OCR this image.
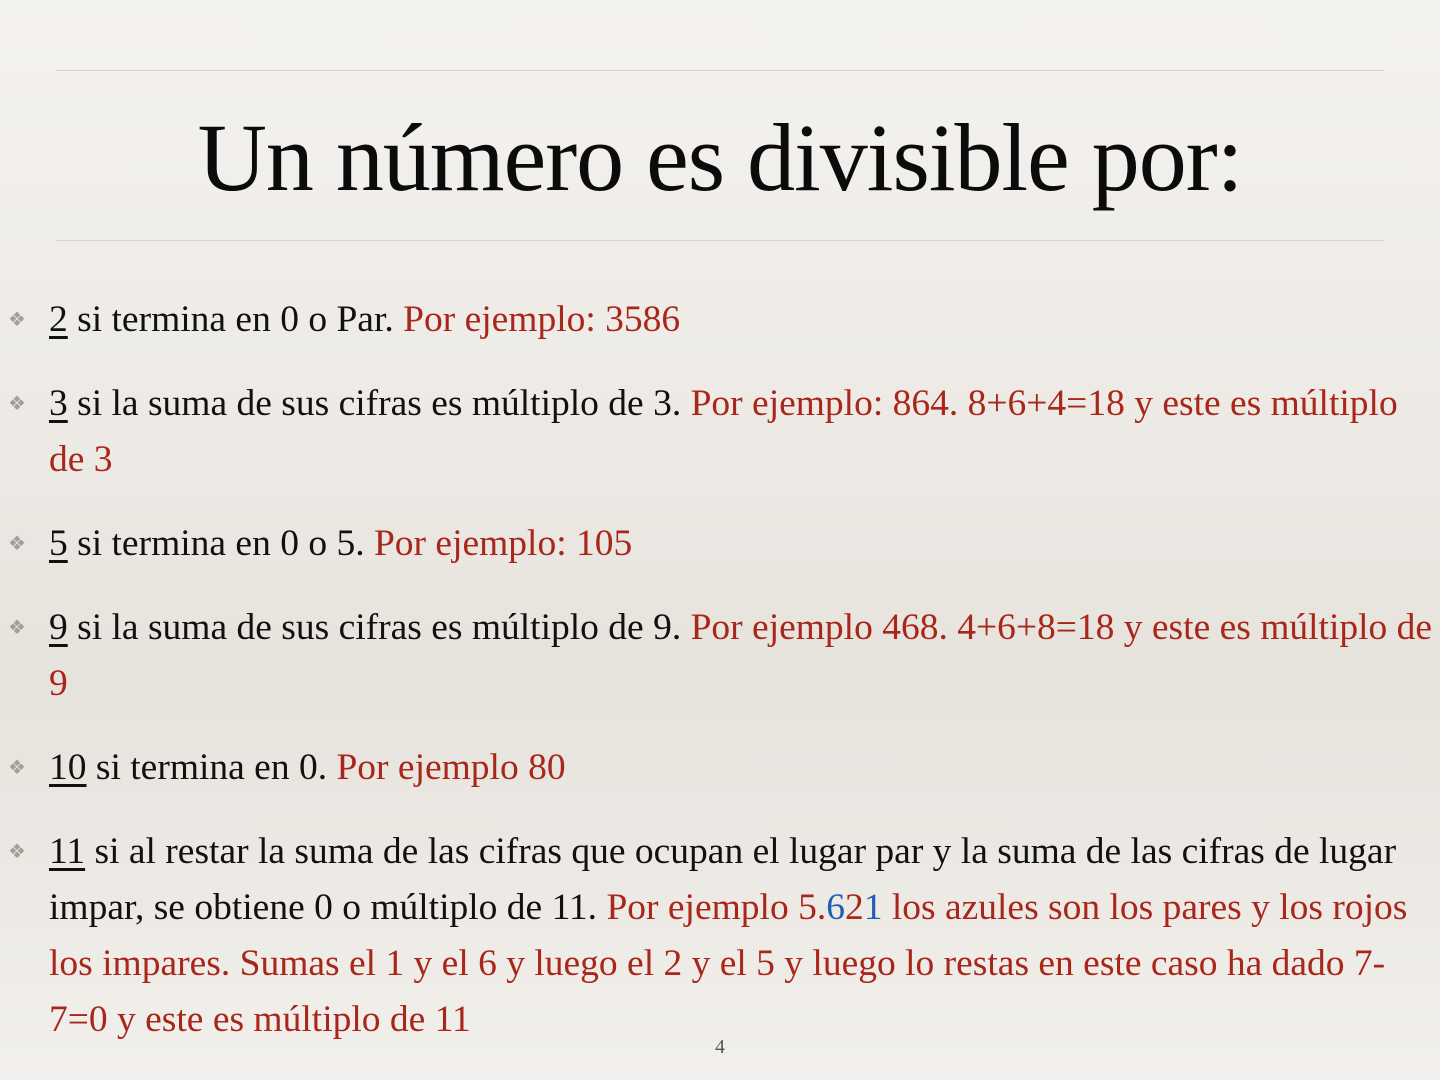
Un número es divisible por:
❖ 2 si termina en 0 o Par. Por ejemplo: 3586
❖ 3 si la suma de sus cifras es múltiplo de 3. Por ejemplo: 864. 8+6+4=18 y este es múltiplo de 3
❖ 5 si termina en 0 o 5. Por ejemplo: 105
❖ 9 si la suma de sus cifras es múltiplo de 9. Por ejemplo 468. 4+6+8=18 y este es múltiplo de 9
❖ 10 si termina en 0. Por ejemplo 80
❖ 11 si al restar la suma de las cifras que ocupan el lugar par y la suma de las cifras de lugar impar, se obtiene 0 o múltiplo de 11. Por ejemplo 5.621 los azules son los pares y los rojos los impares. Sumas el 1 y el 6 y luego el 2 y el 5 y luego lo restas en este caso ha dado 7-7=0 y este es múltiplo de 11
4
